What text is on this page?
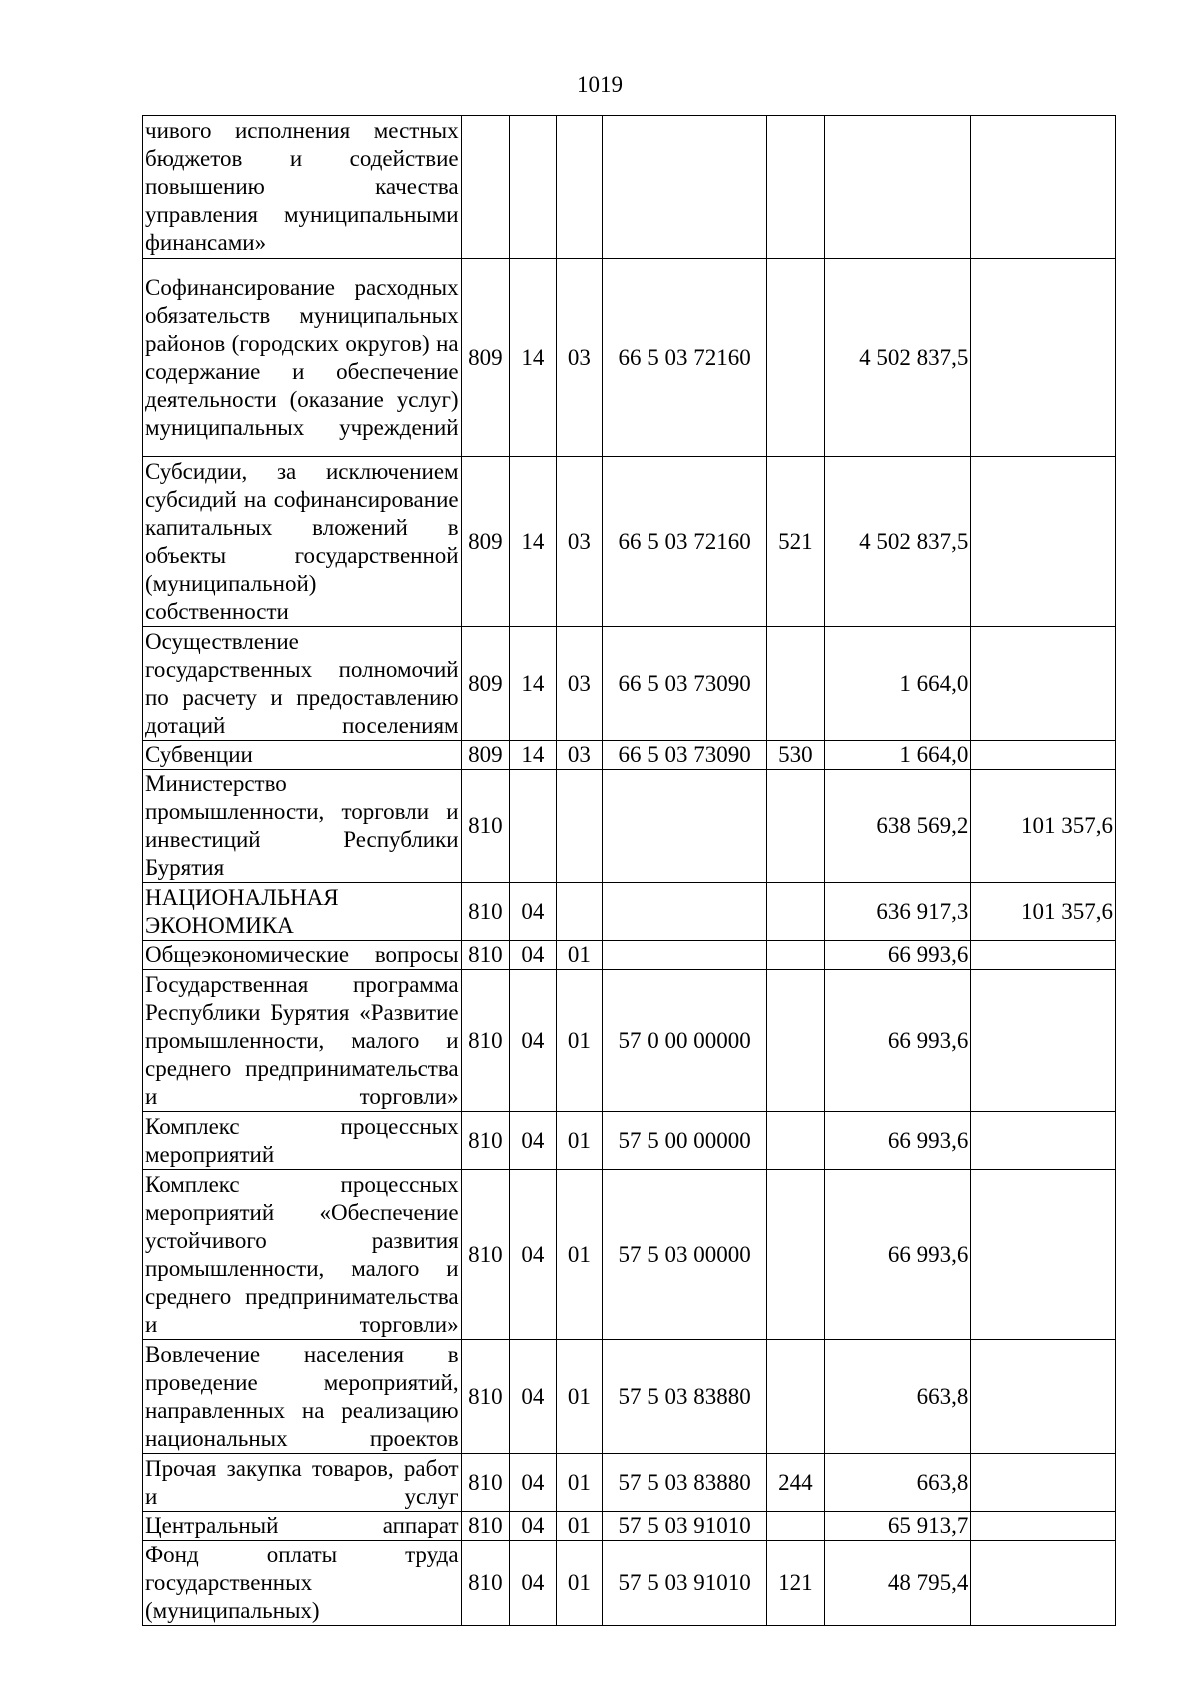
1019
чивого исполнения местных бюджетов и содействие повышению качества управления муниципальными финансами»							

Софинансирование расходных обязательств муниципальных районов (городских округов) на содержание и обеспечение деятельности (оказание услуг) муниципальных учреждений	809	14	03	66 5 03 72160		4 502 837,5	

Субсидии, за исключением субсидий на софинансирование капитальных вложений в объекты государственной (муниципальной) собственности	809	14	03	66 5 03 72160	521	4 502 837,5	

Осуществление государственных полномочий по расчету и предоставлению дотаций поселениям	809	14	03	66 5 03 73090		1 664,0	

Субвенции	809	14	03	66 5 03 73090	530	1 664,0	

Министерство промышленности, торговли и инвестиций Республики Бурятия	810					638 569,2	101 357,6

НАЦИОНАЛЬНАЯ ЭКОНОМИКА	810	04				636 917,3	101 357,6

Общеэкономические вопросы	810	04	01			66 993,6	

Государственная программа Республики Бурятия «Развитие промышленности, малого и среднего предпринимательства и торговли»	810	04	01	57 0 00 00000		66 993,6	

Комплекс процессных мероприятий	810	04	01	57 5 00 00000		66 993,6	

Комплекс процессных мероприятий «Обеспечение устойчивого развития промышленности, малого и среднего предпринимательства и торговли»	810	04	01	57 5 03 00000		66 993,6	

Вовлечение населения в проведение мероприятий, направленных на реализацию национальных проектов	810	04	01	57 5 03 83880		663,8	

Прочая закупка товаров, работ и услуг	810	04	01	57 5 03 83880	244	663,8	

Центральный аппарат	810	04	01	57 5 03 91010		65 913,7	

Фонд оплаты труда государственных (муниципальных)	810	04	01	57 5 03 91010	121	48 795,4	
